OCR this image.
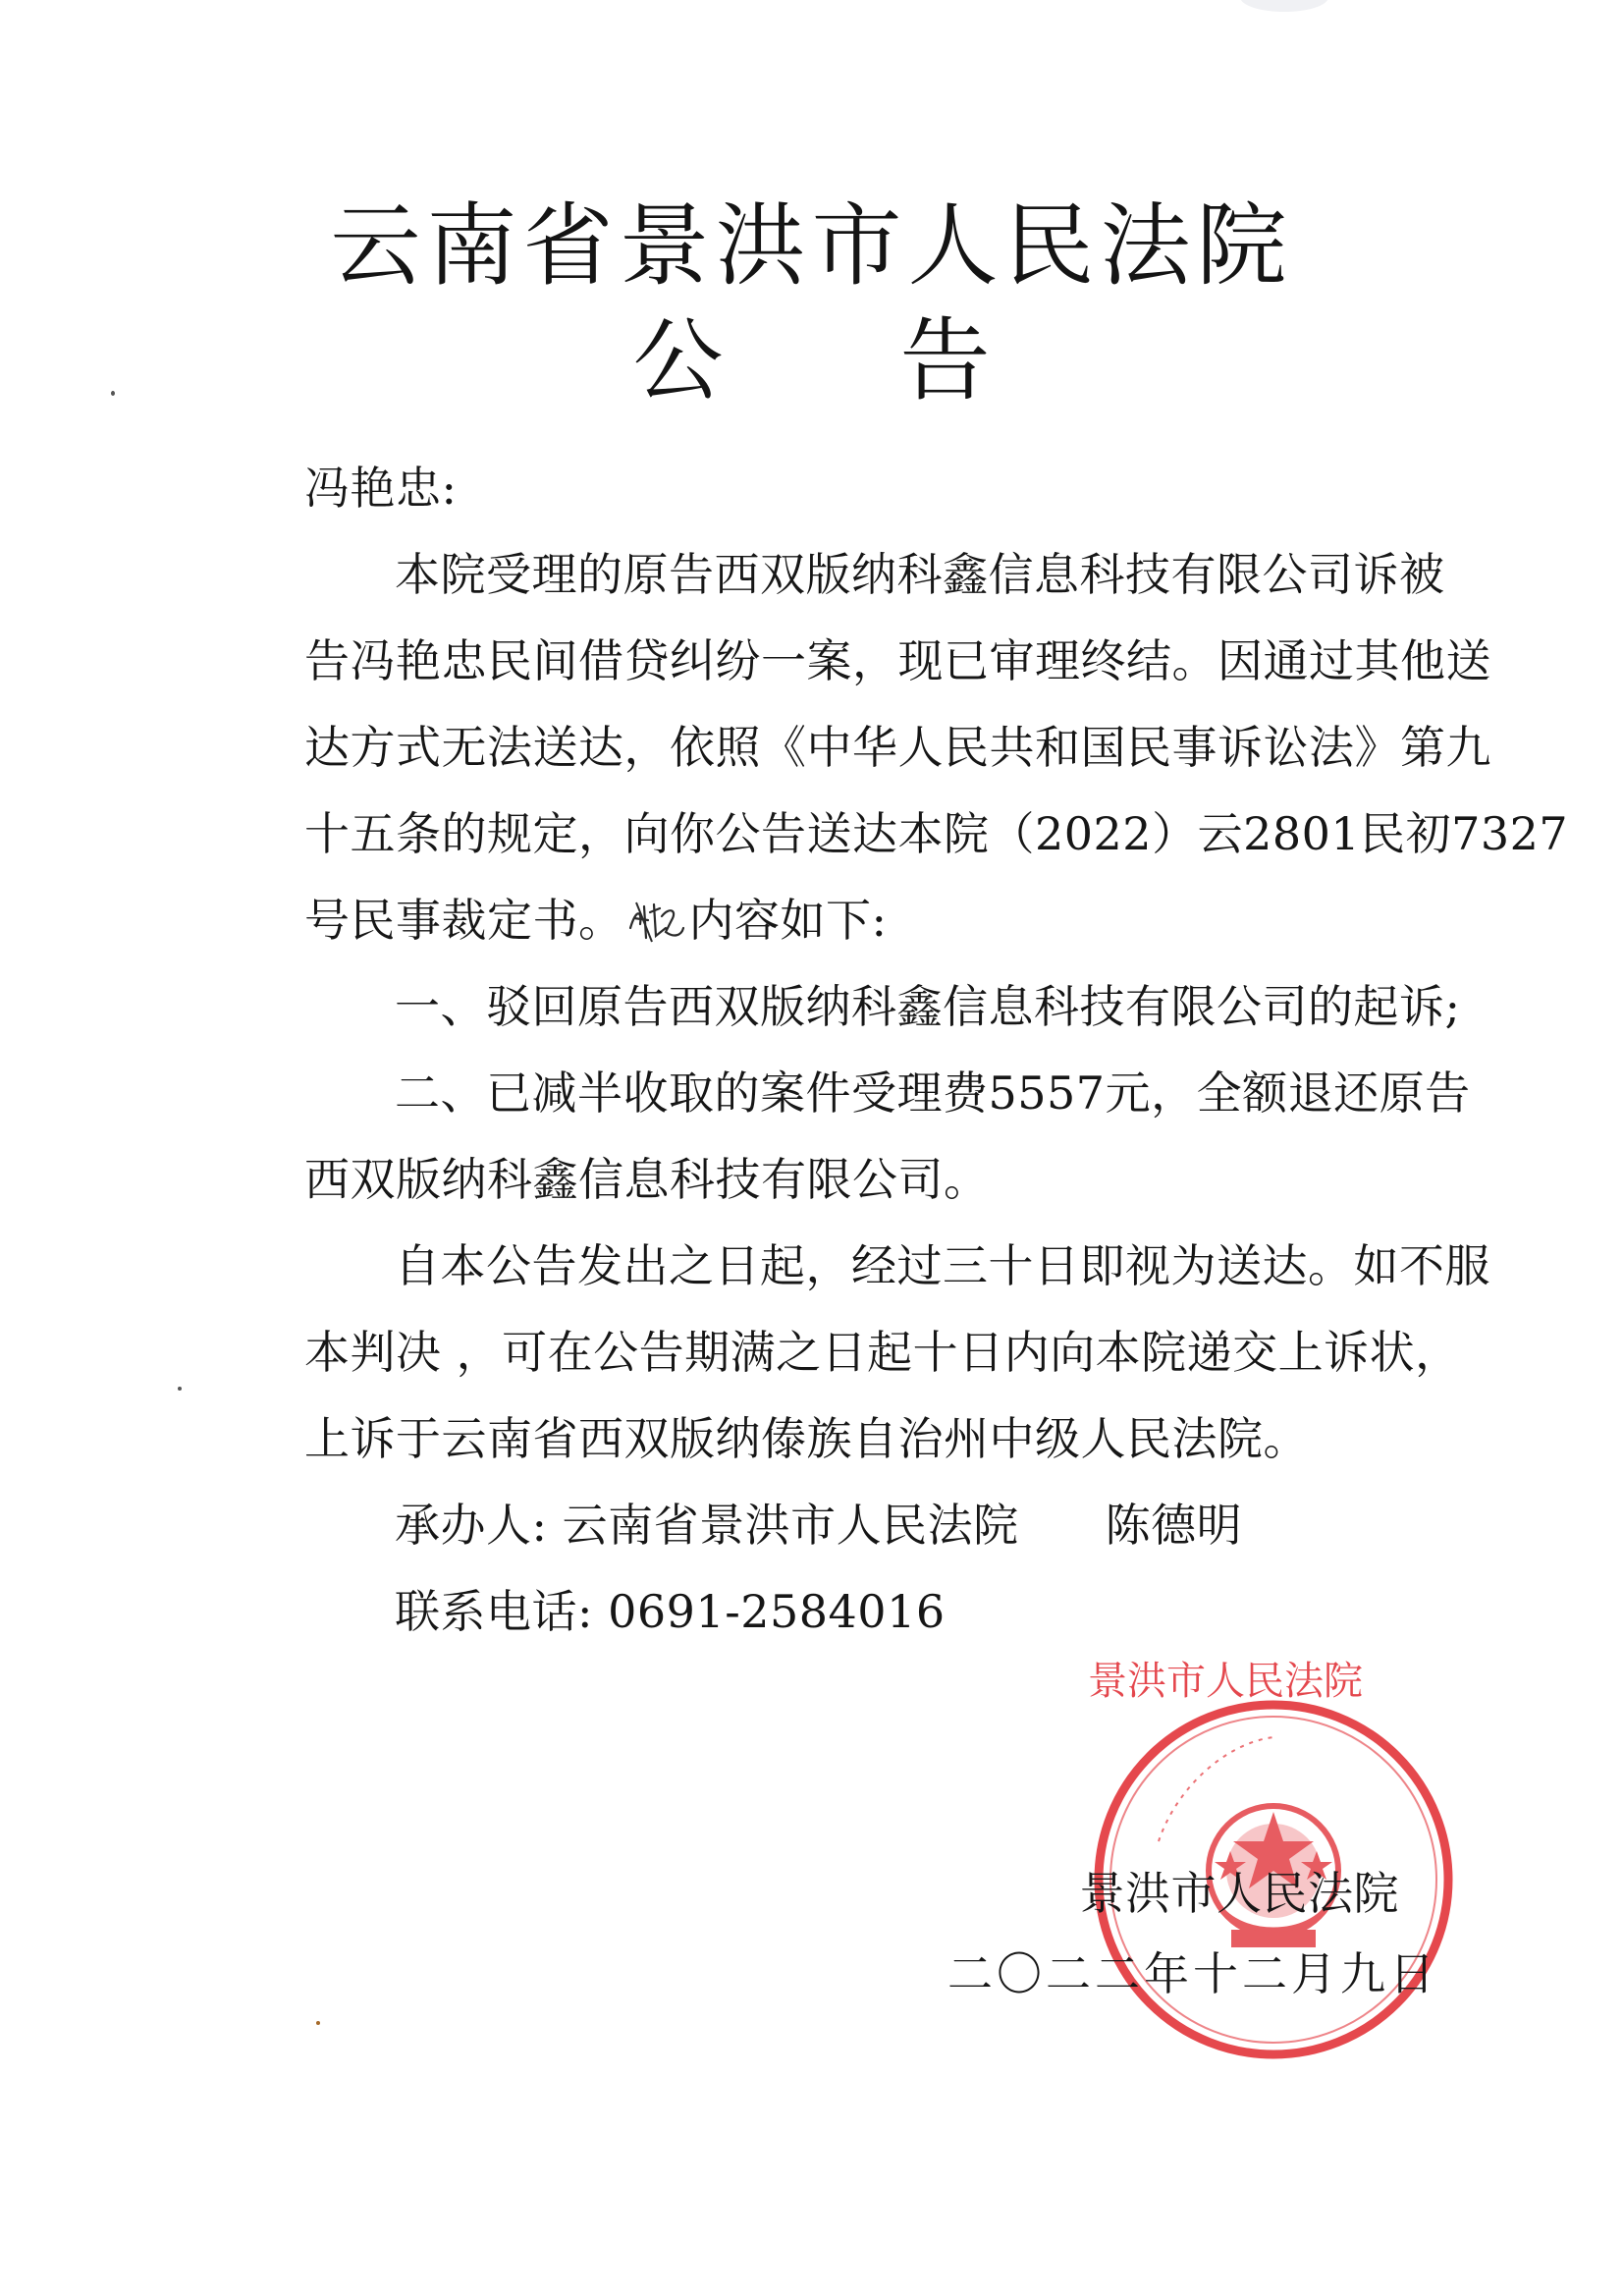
云南省景洪市人民法院
公告
冯艳忠:
本院受理的原告西双版纳科鑫信息科技有限公司诉被
告冯艳忠民间借贷纠纷一案，现已审理终结。因通过其他送
达方式无法送达，依照《中华人民共和国民事诉讼法》第九
十五条的规定，向你公告送达本院（2022）云2801民初7327
号民事裁定书。 内容如下:
一、驳回原告西双版纳科鑫信息科技有限公司的起诉;
二、已减半收取的案件受理费5557元，全额退还原告
西双版纳科鑫信息科技有限公司。
自本公告发出之日起，经过三十日即视为送达。如不服
本判决 ，可在公告期满之日起十日内向本院递交上诉状，
上诉于云南省西双版纳傣族自治州中级人民法院。
承办人: 云南省景洪市人民法院 陈德明
联系电话: 0691-2584016
景洪市人民法院
景洪市人民法院
二〇二二年十二月九日
